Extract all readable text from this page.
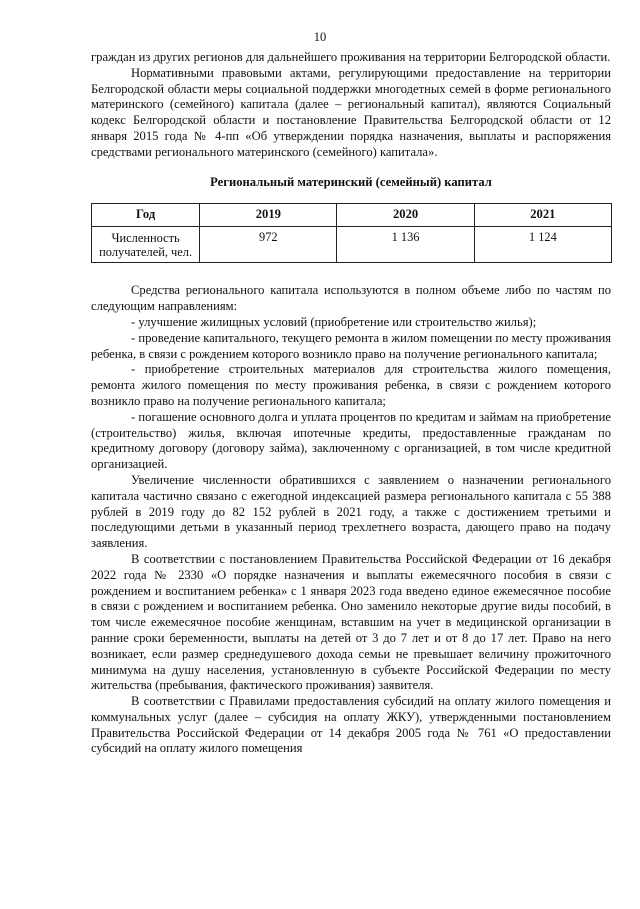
10

граждан из других регионов для дальнейшего проживания на территории Белгородской области.

Нормативными правовыми актами, регулирующими предоставление на территории Белгородской области меры социальной поддержки многодетных семей в форме регионального материнского (семейного) капитала (далее – региональный капитал), являются Социальный кодекс Белгородской области и постановление Правительства Белгородской области от 12 января 2015 года № 4-пп «Об утверждении порядка назначения, выплаты и распоряжения средствами регионального материнского (семейного) капитала».

Региональный материнский (семейный) капитал
Год	2019	2020	2021
Численность получателей, чел.	972	1 136	1 124

Средства регионального капитала используются в полном объеме либо по частям по следующим направлениям:

- улучшение жилищных условий (приобретение или строительство жилья);

- проведение капитального, текущего ремонта в жилом помещении по месту проживания ребенка, в связи с рождением которого возникло право на получение регионального капитала;

- приобретение строительных материалов для строительства жилого помещения, ремонта жилого помещения по месту проживания ребенка, в связи с рождением которого возникло право на получение регионального капитала;

- погашение основного долга и уплата процентов по кредитам и займам на приобретение (строительство) жилья, включая ипотечные кредиты, предоставленные гражданам по кредитному договору (договору займа), заключенному с организацией, в том числе кредитной организацией.

Увеличение численности обратившихся с заявлением о назначении регионального капитала частично связано с ежегодной индексацией размера регионального капитала с 55 388 рублей в 2019 году до 82 152 рублей в 2021 году, а также с достижением третьими и последующими детьми в указанный период трехлетнего возраста, дающего право на подачу заявления.

В соответствии с постановлением Правительства Российской Федерации от 16 декабря 2022 года № 2330 «О порядке назначения и выплаты ежемесячного пособия в связи с рождением и воспитанием ребенка» с 1 января 2023 года введено единое ежемесячное пособие в связи с рождением и воспитанием ребенка. Оно заменило некоторые другие виды пособий, в том числе ежемесячное пособие женщинам, вставшим на учет в медицинской организации в ранние сроки беременности, выплаты на детей от 3 до 7 лет и от 8 до 17 лет. Право на него возникает, если размер среднедушевого дохода семьи не превышает величину прожиточного минимума на душу населения, установленную в субъекте Российской Федерации по месту жительства (пребывания, фактического проживания) заявителя.

В соответствии с Правилами предоставления субсидий на оплату жилого помещения и коммунальных услуг (далее – субсидия на оплату ЖКУ), утвержденными постановлением Правительства Российской Федерации от 14 декабря 2005 года № 761 «О предоставлении субсидий на оплату жилого помещения
